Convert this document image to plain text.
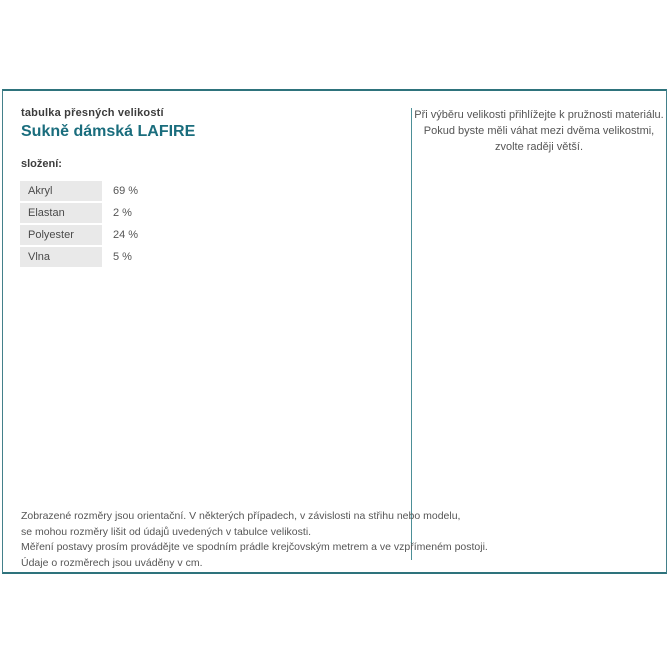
tabulka přesných velikostí
Sukně dámská LAFIRE
složení:
Akryl	69 %
Elastan	2 %
Polyester	24 %
Vlna	5 %
Při výběru velikosti přihlížejte k pružnosti materiálu.
Pokud byste měli váhat mezi dvěma velikostmi,
zvolte raději větší.
Zobrazené rozměry jsou orientační. V některých případech, v závislosti na střihu nebo modelu,
se mohou rozměry lišit od údajů uvedených v tabulce velikosti.
Měření postavy prosím provádějte ve spodním prádle krejčovským metrem a ve vzpřímeném postoji.
Údaje o rozměrech jsou uváděny v cm.
